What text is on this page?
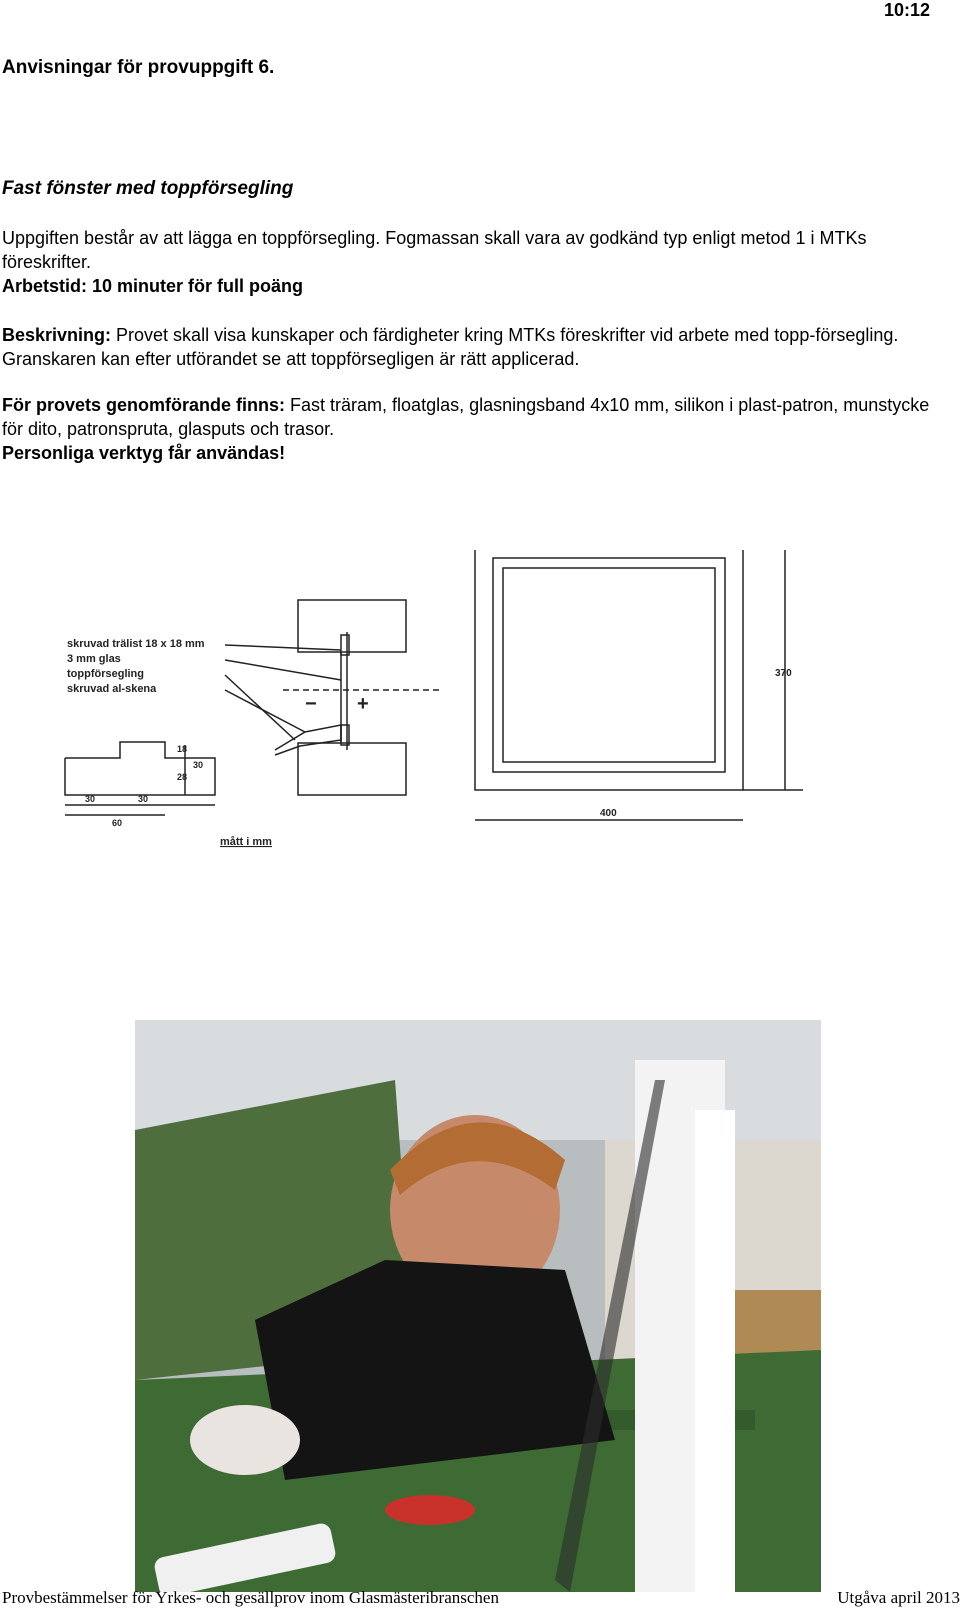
10:12
Anvisningar för provuppgift 6.
Fast fönster med toppförsegling
Uppgiften består av att lägga en toppförsegling. Fogmassan skall vara av godkänd typ enligt metod 1 i MTKs föreskrifter.
Arbetstid: 10 minuter för full poäng
Beskrivning: Provet skall visa kunskaper och färdigheter kring MTKs föreskrifter vid arbete med topp-försegling. Granskaren kan efter utförandet se att toppförsegligen är rätt applicerad.
För provets genomförande finns: Fast träram, floatglas, glasningsband 4x10 mm, silikon i plast-patron, munstycke för dito, patronspruta, glasputs och trasor.
Personliga verktyg får användas!
skruvad trälist 18 x 18 mm
3 mm glas
toppförsegling
skruvad al-skena
− +
18
30
28
30	30
60
370
400
mått i mm
Provbestämmelser för Yrkes- och gesällprov inom Glasmästeribranschen	Utgåva april 2013
